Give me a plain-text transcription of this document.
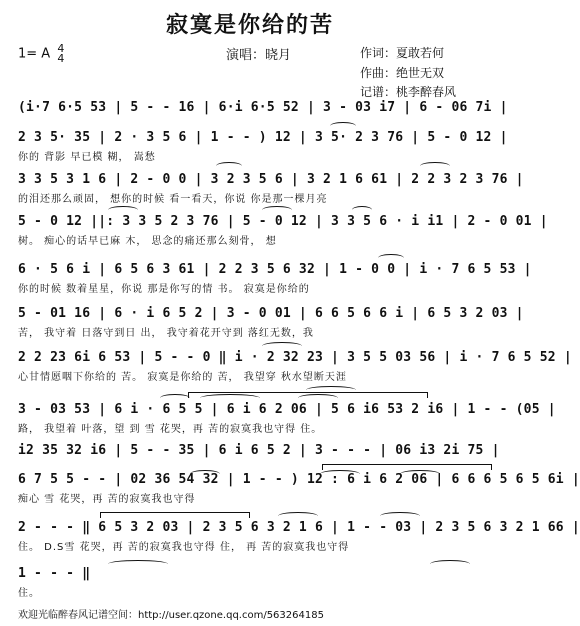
寂寞是你给的苦
1= A 4
4	演唱：晓月	作词：夏敢若何
作曲：绝世无双
记谱：桃李醉春风
(i·7 6·5 53 | 5 - - 16 | 6·i 6·5 52 | 3 - 03 i7 | 6 - 06 7i |
2 3 5· 35 | 2 · 3 5 6 | 1 - - ) 12 | 3 5· 2 3 76 | 5 - 0 12 |
你的 背影 早已模 糊， 嵩愁
3 3 5 3 1 6 | 2 - 0 0 | 3 2 3 5 6 | 3 2 1 6 61 | 2 2 3 2 3 76 |
的泪还那么顽固， 想你的时候 看一看天，你说 你是那一棵月亮
5 - 0 12 ||: 3 3 5 2 3 76 | 5 - 0 12 | 3 3 5 6 · i i1 | 2 - 0 01 |
树。 痴心的话早已麻 木， 思念的痛还那么刻骨， 想
6 · 5 6 i | 6 5 6 3 61 | 2 2 3 5 6 32 | 1 - 0 0 | i · 7 6 5 53 |
你的时候 数着星星，你说 那是你写的情 书。 寂寞是你给的
5 - 01 16 | 6 · i 6 5 2 | 3 - 0 01 | 6 6 5 6 6 i | 6 5 3 2 03 |
苦， 我守着 日落守到日 出， 我守着花开守到 落红无数，我
2 2 23 6i 6 53 | 5 - - 0 ‖ i · 2 32 23 | 3 5 5 03 56 | i · 7 6 5 52 |
心甘情愿咽下你给的 苦。 寂寞是你给的 苦， 我望穿 秋水望断天涯
3 - 03 53 | 6 i · 6 5 5 | 6 i 6 2 06 | 5 6 i6 53 2 i6 | 1 - - (05 |
路， 我望着 叶落，望 到 雪 花哭，再 苦的寂寞我也守得 住。
i2 35 32 i6 | 5 - - 35 | 6 i 6 5 2 | 3 - - - | 06 i3 2i 75 |
6 7 5 5 - - | 02 36 54 32 | 1 - - ) 12 : 6 i 6 2 06 | 6 6 6 5 6 5 6i |
痴心 雪 花哭，再 苦的寂寞我也守得
2 - - - ‖ 6 5 3 2 03 | 2 3 5 6 3 2 1 6 | 1 - - 03 | 2 3 5 6 3 2 1 66 |
住。 D.S雪 花哭，再 苦的寂寞我也守得 住， 再 苦的寂寞我也守得
1 - - - ‖
住。
欢迎光临醉春风记谱空间：http://user.qzone.qq.com/563264185
